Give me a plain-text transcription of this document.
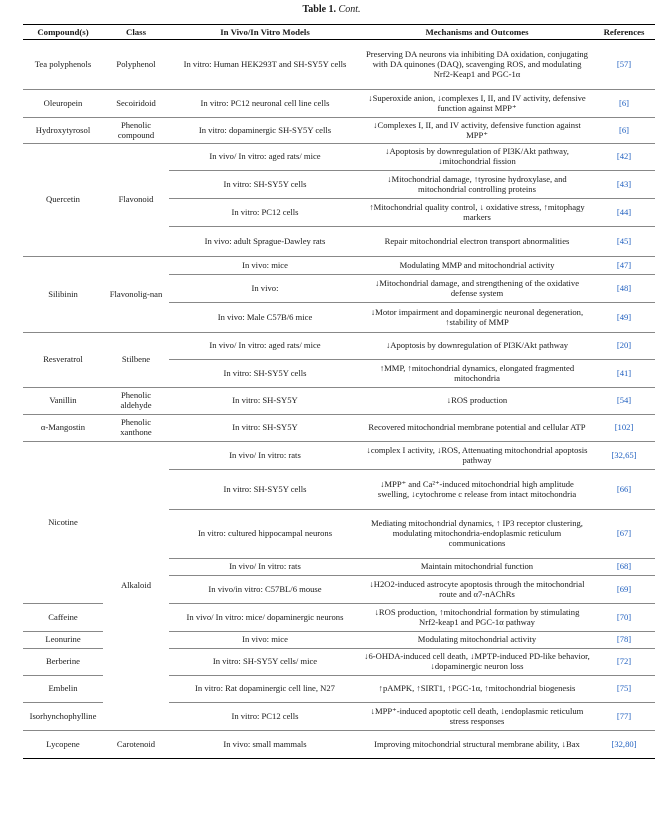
Table 1. Cont.
Compound(s)	Class	In Vivo/In Vitro Models	Mechanisms and Outcomes	References
Tea polyphenols	Polyphenol	In vitro: Human HEK293T and SH-SY5Y cells	Preserving DA neurons via inhibiting DA oxidation, conjugating with DA quinones (DAQ), scavenging ROS, and modulating Nrf2-Keap1 and PGC-1α	[57]
Oleuropein	Secoiridoid	In vitro: PC12 neuronal cell line cells	↓Superoxide anion, ↓complexes I, II, and IV activity, defensive function against MPP⁺	[6]
Hydroxytyrosol	Phenolic compound	In vitro: dopaminergic SH-SY5Y cells	↓Complexes I, II, and IV activity, defensive function against MPP⁺	[6]
Quercetin	Flavonoid	In vivo/ In vitro: aged rats/ mice	↓Apoptosis by downregulation of PI3K/Akt pathway, ↓mitochondrial fission	[42]
		In vitro: SH-SY5Y cells	↓Mitochondrial damage, ↑tyrosine hydroxylase, and mitochondrial controlling proteins	[43]
		In vitro: PC12 cells	↑Mitochondrial quality control, ↓ oxidative stress, ↑mitophagy markers	[44]
		In vivo: adult Sprague-Dawley rats	Repair mitochondrial electron transport abnormalities	[45]
Silibinin	Flavonolig-nan	In vivo: mice	Modulating MMP and mitochondrial activity	[47]
		In vivo:	↓Mitochondrial damage, and strengthening of the oxidative defense system	[48]
		In vivo: Male C57B/6 mice	↓Motor impairment and dopaminergic neuronal degeneration, ↑stability of MMP	[49]
Resveratrol	Stilbene	In vivo/ In vitro: aged rats/ mice	↓Apoptosis by downregulation of PI3K/Akt pathway	[20]
		In vitro: SH-SY5Y cells	↑MMP, ↑mitochondrial dynamics, elongated fragmented mitochondria	[41]
Vanillin	Phenolic aldehyde	In vitro: SH-SY5Y	↓ROS production	[54]
α-Mangostin	Phenolic xanthone	In vitro: SH-SY5Y	Recovered mitochondrial membrane potential and cellular ATP	[102]
Nicotine	Alkaloid	In vivo/ In vitro: rats	↓complex I activity, ↓ROS, Attenuating mitochondrial apoptosis pathway	[32,65]
		In vitro: SH-SY5Y cells	↓MPP⁺ and Ca²⁺-induced mitochondrial high amplitude swelling, ↓cytochrome c release from intact mitochondria	[66]
		In vitro: cultured hippocampal neurons	Mediating mitochondrial dynamics, ↑ IP3 receptor clustering, modulating mitochondria-endoplasmic reticulum communications	[67]
		In vivo/ In vitro: rats	Maintain mitochondrial function	[68]
		In vivo/in vitro: C57BL/6 mouse	↓H2O2-induced astrocyte apoptosis through the mitochondrial route and α7-nAChRs	[69]
Caffeine		In vivo/ In vitro: mice/ dopaminergic neurons	↓ROS production, ↑mitochondrial formation by stimulating Nrf2-keap1 and PGC-1α pathway	[70]
Leonurine		In vivo: mice	Modulating mitochondrial activity	[78]
Berberine		In vitro: SH-SY5Y cells/ mice	↓6-OHDA-induced cell death, ↓MPTP-induced PD-like behavior, ↓dopaminergic neuron loss	[72]
Embelin		In vitro: Rat dopaminergic cell line, N27	↑pAMPK, ↑SIRT1, ↑PGC-1α, ↑mitochondrial biogenesis	[75]
Isorhynchophylline		In vitro: PC12 cells	↓MPP⁺-induced apoptotic cell death, ↓endoplasmic reticulum stress responses	[77]
Lycopene	Carotenoid	In vivo: small mammals	Improving mitochondrial structural membrane ability, ↓Bax	[32,80]
